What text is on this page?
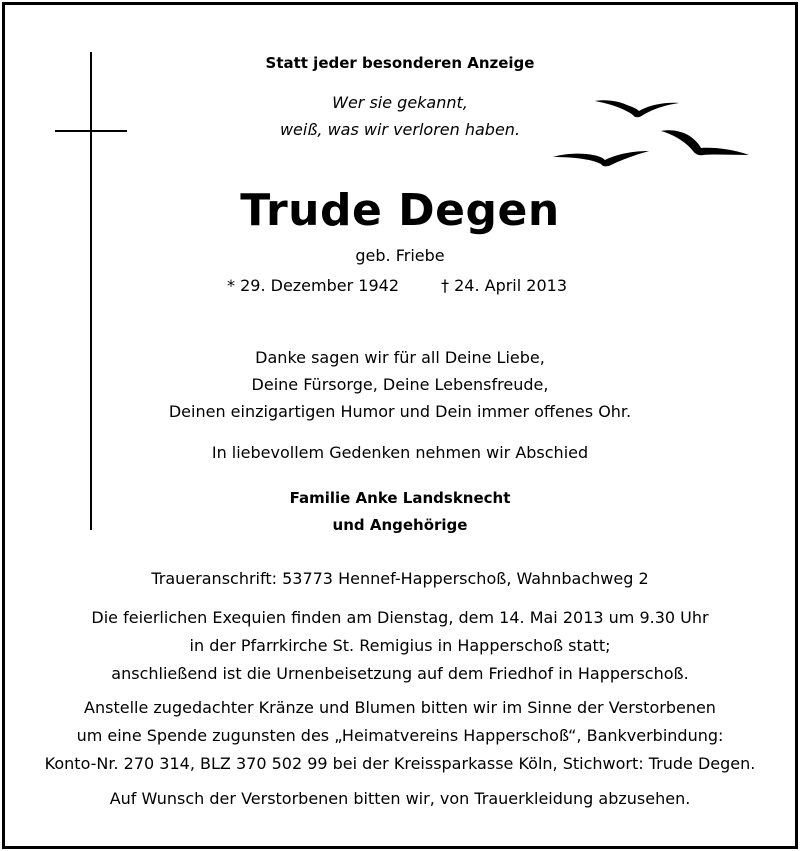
Statt jeder besonderen Anzeige
Wer sie gekannt,
weiß, was wir verloren haben.
Trude Degen
geb. Friebe
* 29. Dezember 1942	† 24. April 2013
Danke sagen wir für all Deine Liebe,
Deine Fürsorge, Deine Lebensfreude,
Deinen einzigartigen Humor und Dein immer offenes Ohr.
In liebevollem Gedenken nehmen wir Abschied
Familie Anke Landsknecht
und Angehörige
Traueranschrift: 53773 Hennef-Happerschoß, Wahnbachweg 2
Die feierlichen Exequien finden am Dienstag, dem 14. Mai 2013 um 9.30 Uhr
in der Pfarrkirche St. Remigius in Happerschoß statt;
anschließend ist die Urnenbeisetzung auf dem Friedhof in Happerschoß.
Anstelle zugedachter Kränze und Blumen bitten wir im Sinne der Verstorbenen
um eine Spende zugunsten des „Heimatvereins Happerschoß“, Bankverbindung:
Konto-Nr. 270 314, BLZ 370 502 99 bei der Kreissparkasse Köln, Stichwort: Trude Degen.
Auf Wunsch der Verstorbenen bitten wir, von Trauerkleidung abzusehen.
